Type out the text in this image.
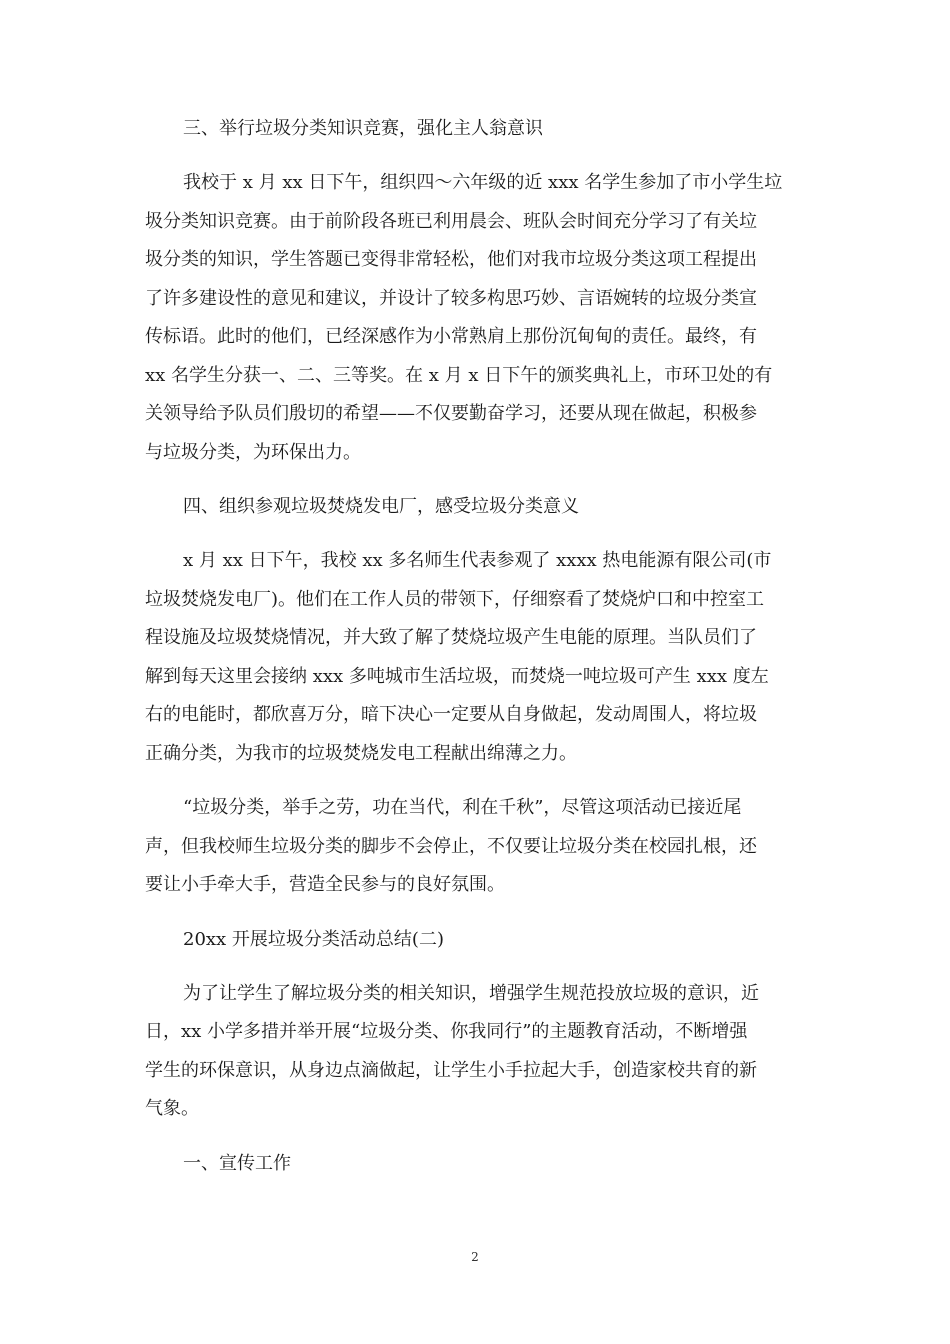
三、举行垃圾分类知识竞赛，强化主人翁意识

我校于 x 月 xx 日下午，组织四～六年级的近 xxx 名学生参加了市小学生垃
圾分类知识竞赛。由于前阶段各班已利用晨会、班队会时间充分学习了有关垃
圾分类的知识，学生答题已变得非常轻松，他们对我市垃圾分类这项工程提出
了许多建设性的意见和建议，并设计了较多构思巧妙、言语婉转的垃圾分类宣
传标语。此时的他们，已经深感作为小常熟肩上那份沉甸甸的责任。最终，有
xx 名学生分获一、二、三等奖。在 x 月 x 日下午的颁奖典礼上，市环卫处的有
关领导给予队员们殷切的希望——不仅要勤奋学习，还要从现在做起，积极参
与垃圾分类，为环保出力。

四、组织参观垃圾焚烧发电厂，感受垃圾分类意义

x 月 xx 日下午，我校 xx 多名师生代表参观了 xxxx 热电能源有限公司(市
垃圾焚烧发电厂)。他们在工作人员的带领下，仔细察看了焚烧炉口和中控室工
程设施及垃圾焚烧情况，并大致了解了焚烧垃圾产生电能的原理。当队员们了
解到每天这里会接纳 xxx 多吨城市生活垃圾，而焚烧一吨垃圾可产生 xxx 度左
右的电能时，都欣喜万分，暗下决心一定要从自身做起，发动周围人，将垃圾
正确分类，为我市的垃圾焚烧发电工程献出绵薄之力。
“垃圾分类，举手之劳，功在当代，利在千秋”，尽管这项活动已接近尾
声，但我校师生垃圾分类的脚步不会停止，不仅要让垃圾分类在校园扎根，还
要让小手牵大手，营造全民参与的良好氛围。

20xx 开展垃圾分类活动总结(二)

为了让学生了解垃圾分类的相关知识，增强学生规范投放垃圾的意识，近
日，xx 小学多措并举开展“垃圾分类、你我同行”的主题教育活动，不断增强
学生的环保意识，从身边点滴做起，让学生小手拉起大手，创造家校共育的新
气象。

一、宣传工作

2
